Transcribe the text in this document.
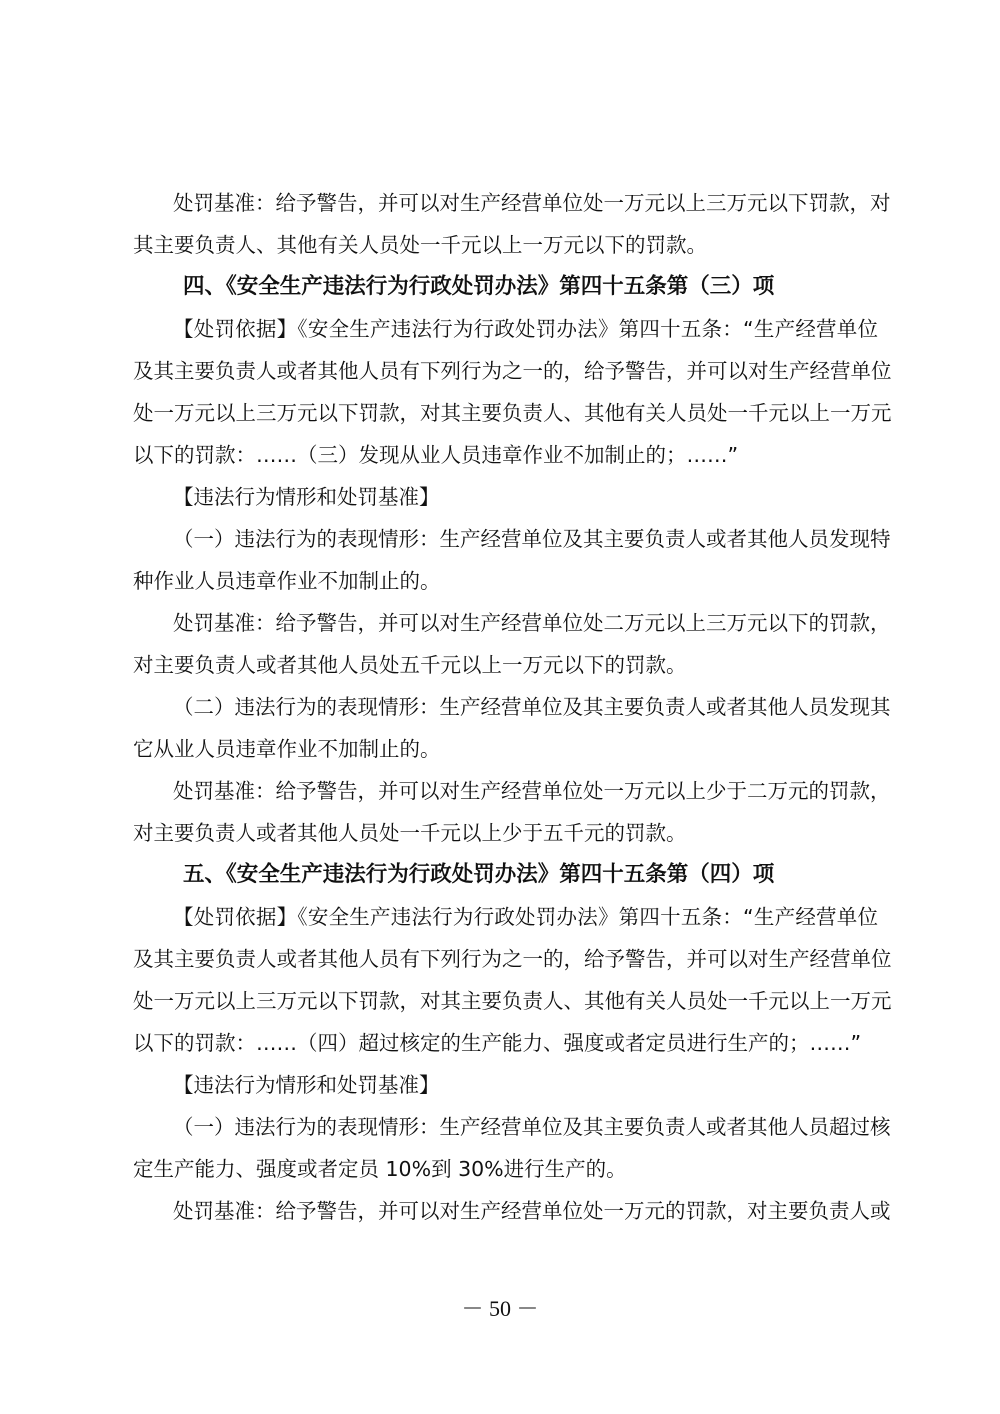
处罚基准：给予警告，并可以对生产经营单位处一万元以上三万元以下罚款，对
其主要负责人、其他有关人员处一千元以上一万元以下的罚款。
四、《安全生产违法行为行政处罚办法》第四十五条第（三）项
【处罚依据】《安全生产违法行为行政处罚办法》第四十五条：“生产经营单位
及其主要负责人或者其他人员有下列行为之一的，给予警告，并可以对生产经营单位
处一万元以上三万元以下罚款，对其主要负责人、其他有关人员处一千元以上一万元
以下的罚款：……（三）发现从业人员违章作业不加制止的；……”
【违法行为情形和处罚基准】
（一）违法行为的表现情形：生产经营单位及其主要负责人或者其他人员发现特
种作业人员违章作业不加制止的。
处罚基准：给予警告，并可以对生产经营单位处二万元以上三万元以下的罚款，
对主要负责人或者其他人员处五千元以上一万元以下的罚款。
（二）违法行为的表现情形：生产经营单位及其主要负责人或者其他人员发现其
它从业人员违章作业不加制止的。
处罚基准：给予警告，并可以对生产经营单位处一万元以上少于二万元的罚款，
对主要负责人或者其他人员处一千元以上少于五千元的罚款。
五、《安全生产违法行为行政处罚办法》第四十五条第（四）项
【处罚依据】《安全生产违法行为行政处罚办法》第四十五条：“生产经营单位
及其主要负责人或者其他人员有下列行为之一的，给予警告，并可以对生产经营单位
处一万元以上三万元以下罚款，对其主要负责人、其他有关人员处一千元以上一万元
以下的罚款：……（四）超过核定的生产能力、强度或者定员进行生产的；……”
【违法行为情形和处罚基准】
（一）违法行为的表现情形：生产经营单位及其主要负责人或者其他人员超过核
定生产能力、强度或者定员 10%到 30%进行生产的。
处罚基准：给予警告，并可以对生产经营单位处一万元的罚款，对主要负责人或
－ 50 －
